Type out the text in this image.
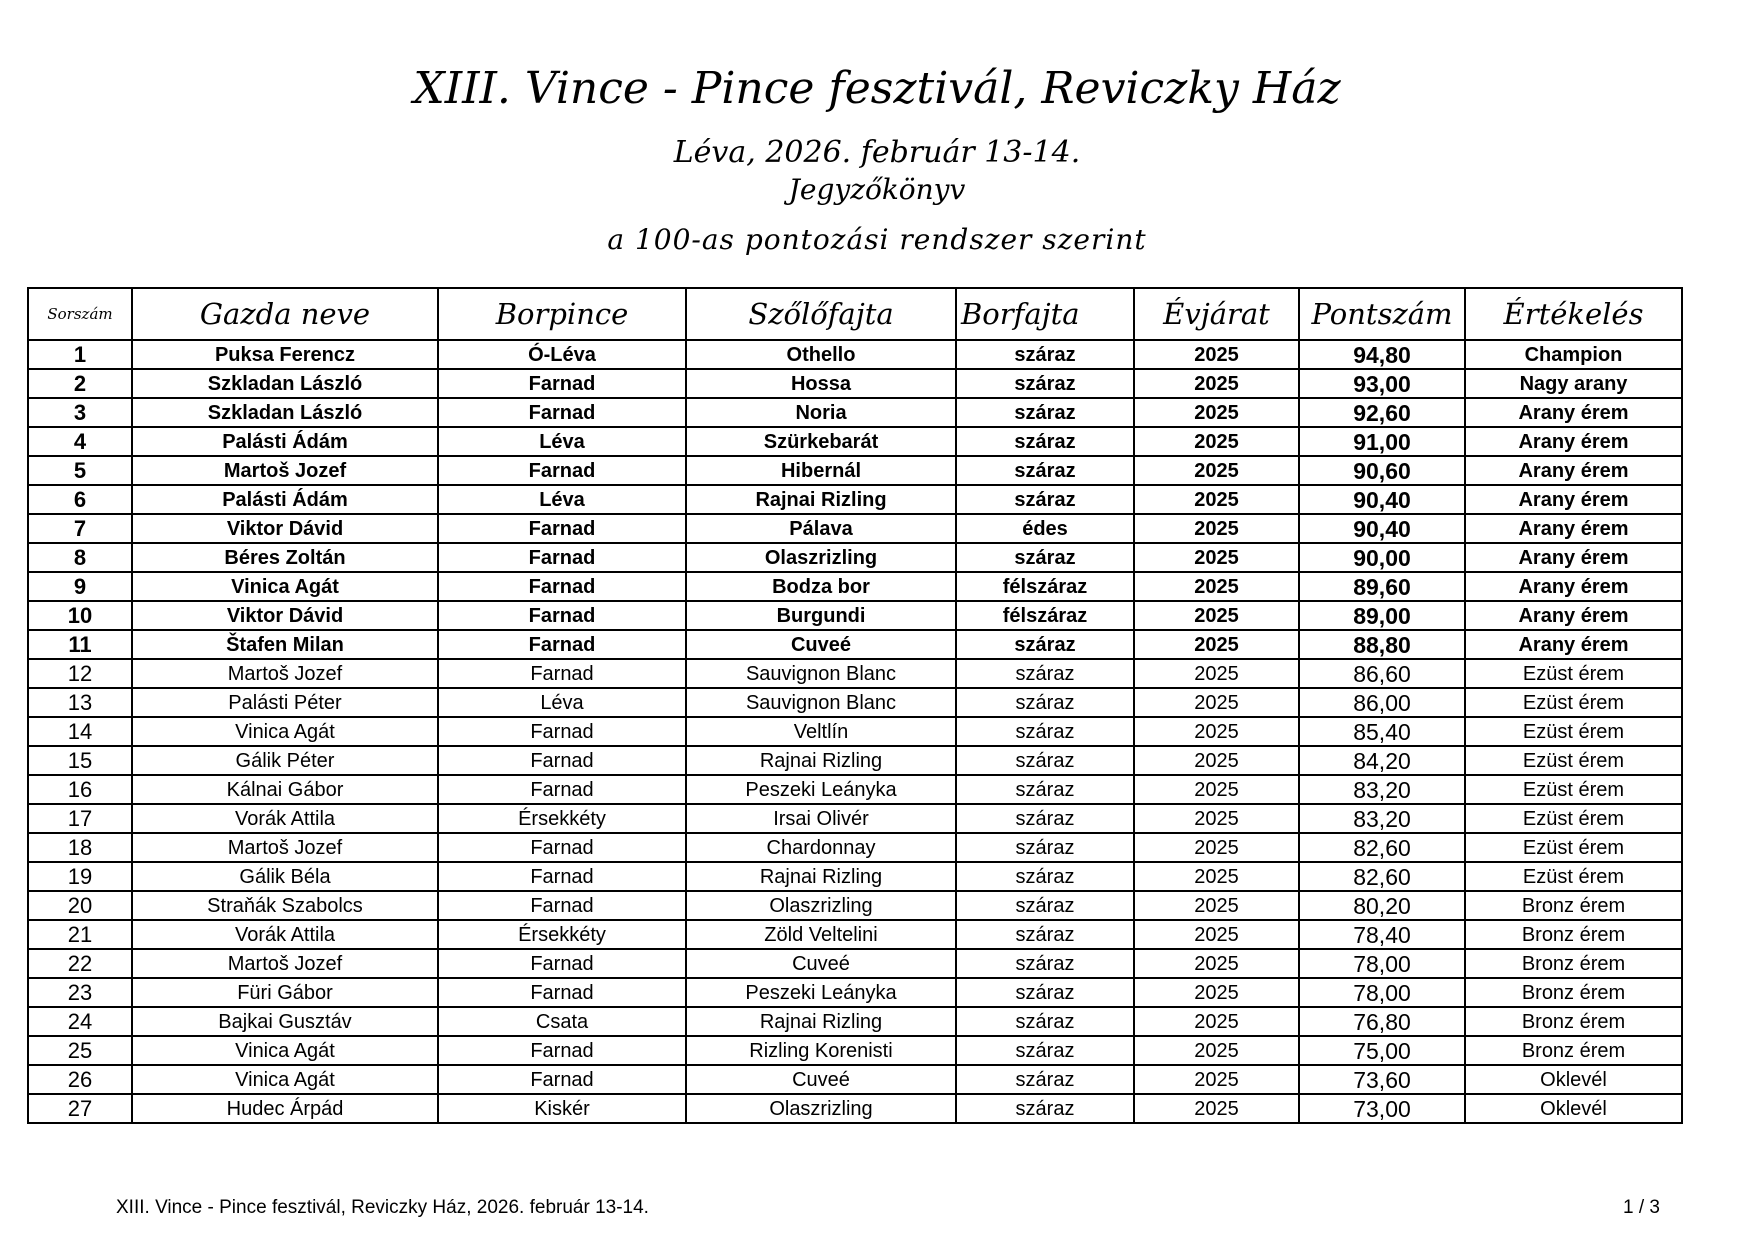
XIII. Vince - Pince fesztivál, Reviczky Ház
Léva, 2026. február 13-14.
Jegyzőkönyv
a 100-as pontozási rendszer szerint
Sorszám	Gazda neve	Borpince	Szőlőfajta	Borfajta	Évjárat	Pontszám	Értékelés
1	Puksa Ferencz	Ó-Léva	Othello	száraz	2025	94,80	Champion
2	Szkladan László	Farnad	Hossa	száraz	2025	93,00	Nagy arany
3	Szkladan László	Farnad	Noria	száraz	2025	92,60	Arany érem
4	Palásti Ádám	Léva	Szürkebarát	száraz	2025	91,00	Arany érem
5	Martoš Jozef	Farnad	Hibernál	száraz	2025	90,60	Arany érem
6	Palásti Ádám	Léva	Rajnai Rizling	száraz	2025	90,40	Arany érem
7	Viktor Dávid	Farnad	Pálava	édes	2025	90,40	Arany érem
8	Béres Zoltán	Farnad	Olaszrizling	száraz	2025	90,00	Arany érem
9	Vinica Agát	Farnad	Bodza bor	félszáraz	2025	89,60	Arany érem
10	Viktor Dávid	Farnad	Burgundi	félszáraz	2025	89,00	Arany érem
11	Štafen Milan	Farnad	Cuveé	száraz	2025	88,80	Arany érem
12	Martoš Jozef	Farnad	Sauvignon Blanc	száraz	2025	86,60	Ezüst érem
13	Palásti Péter	Léva	Sauvignon Blanc	száraz	2025	86,00	Ezüst érem
14	Vinica Agát	Farnad	Veltlín	száraz	2025	85,40	Ezüst érem
15	Gálik Péter	Farnad	Rajnai Rizling	száraz	2025	84,20	Ezüst érem
16	Kálnai Gábor	Farnad	Peszeki Leányka	száraz	2025	83,20	Ezüst érem
17	Vorák Attila	Érsekkéty	Irsai Olivér	száraz	2025	83,20	Ezüst érem
18	Martoš Jozef	Farnad	Chardonnay	száraz	2025	82,60	Ezüst érem
19	Gálik Béla	Farnad	Rajnai Rizling	száraz	2025	82,60	Ezüst érem
20	Straňák Szabolcs	Farnad	Olaszrizling	száraz	2025	80,20	Bronz érem
21	Vorák Attila	Érsekkéty	Zöld Veltelini	száraz	2025	78,40	Bronz érem
22	Martoš Jozef	Farnad	Cuveé	száraz	2025	78,00	Bronz érem
23	Füri Gábor	Farnad	Peszeki Leányka	száraz	2025	78,00	Bronz érem
24	Bajkai Gusztáv	Csata	Rajnai Rizling	száraz	2025	76,80	Bronz érem
25	Vinica Agát	Farnad	Rizling Korenisti	száraz	2025	75,00	Bronz érem
26	Vinica Agát	Farnad	Cuveé	száraz	2025	73,60	Oklevél
27	Hudec Árpád	Kiskér	Olaszrizling	száraz	2025	73,00	Oklevél
XIII. Vince - Pince fesztivál, Reviczky Ház, 2026. február 13-14.	1 / 3
